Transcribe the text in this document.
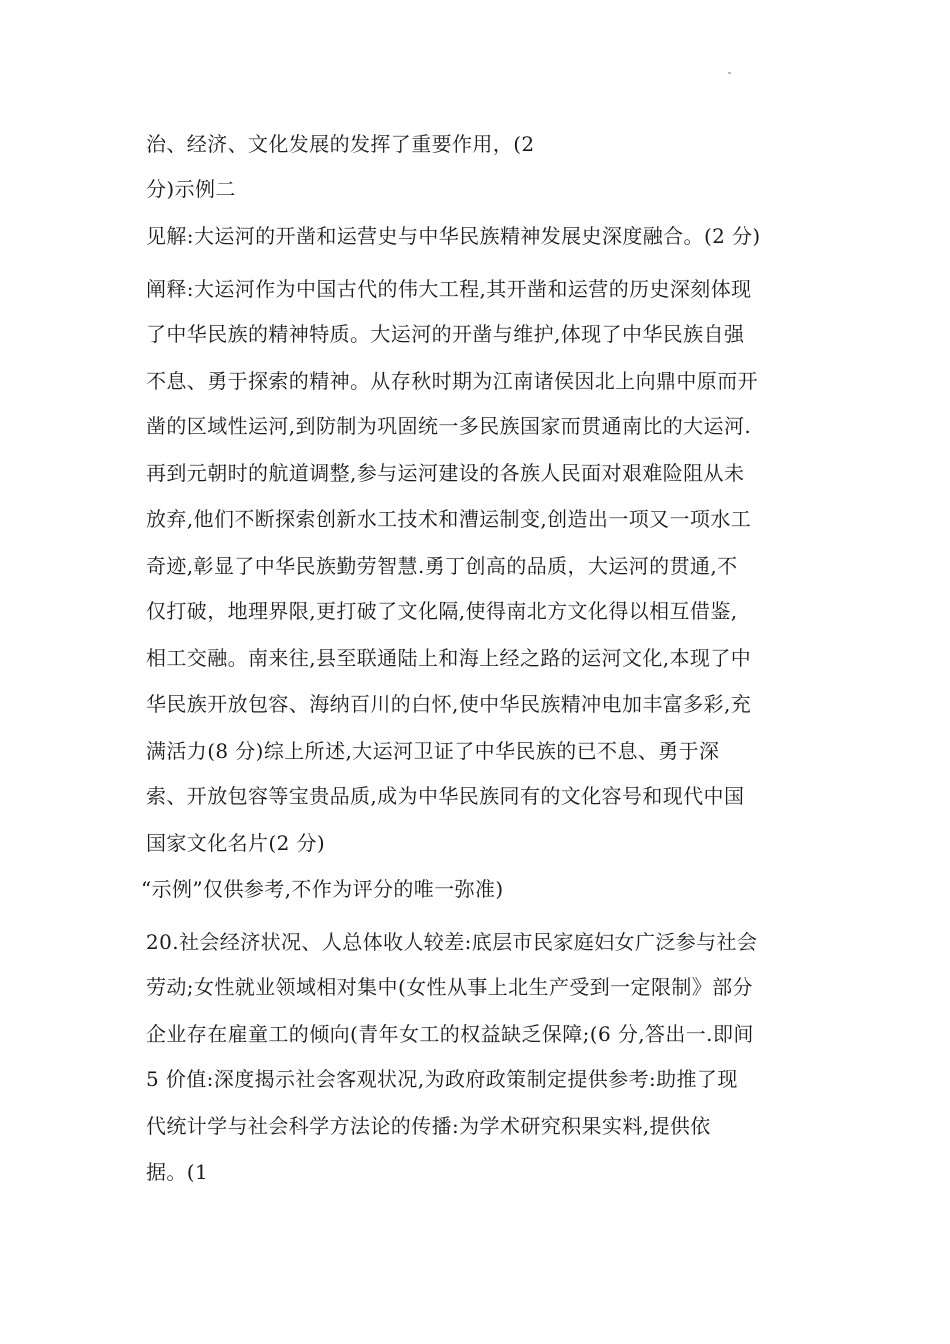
治、经济、文化发展的发挥了重要作用，(2
分)示例二
见解:大运河的开凿和运营史与中华民族精神发展史深度融合。(2 分)
阐释:大运河作为中国古代的伟大工程,其开凿和运营的历史深刻体现
了中华民族的精神特质。大运河的开凿与维护,体现了中华民族自强
不息、勇于探索的精神。从存秋时期为江南诸侯因北上向鼎中原而开
凿的区域性运河,到防制为巩固统一多民族国家而贯通南比的大运河.
再到元朝时的航道调整,参与运河建设的各族人民面对艰难险阻从未
放弃,他们不断探索创新水工技术和漕运制变,创造出一项又一项水工
奇迹,彰显了中华民族勤劳智慧.勇丁创高的品质，大运河的贯通,不
仅打破，地理界限,更打破了文化隔,使得南北方文化得以相互借鉴,
相工交融。南来往,县至联通陆上和海上经之路的运河文化,本现了中
华民族开放包容、海纳百川的白怀,使中华民族精冲电加丰富多彩,充
满活力(8 分)综上所述,大运河卫证了中华民族的已不息、勇于深
索、开放包容等宝贵品质,成为中华民族同有的文化容号和现代中国
国家文化名片(2 分)
“示例”仅供参考,不作为评分的唯一弥准)
20.社会经济状况、人总体收人较差:底层市民家庭妇女广泛参与社会
劳动;女性就业领域相对集中(女性从事上北生产受到一定限制》部分
企业存在雇童工的倾向(青年女工的权益缺乏保障;(6 分,答出一.即间
5 价值:深度揭示社会客观状况,为政府政策制定提供参考:助推了现
代统计学与社会科学方法论的传播:为学术研究积果实料,提供依
据。(1
